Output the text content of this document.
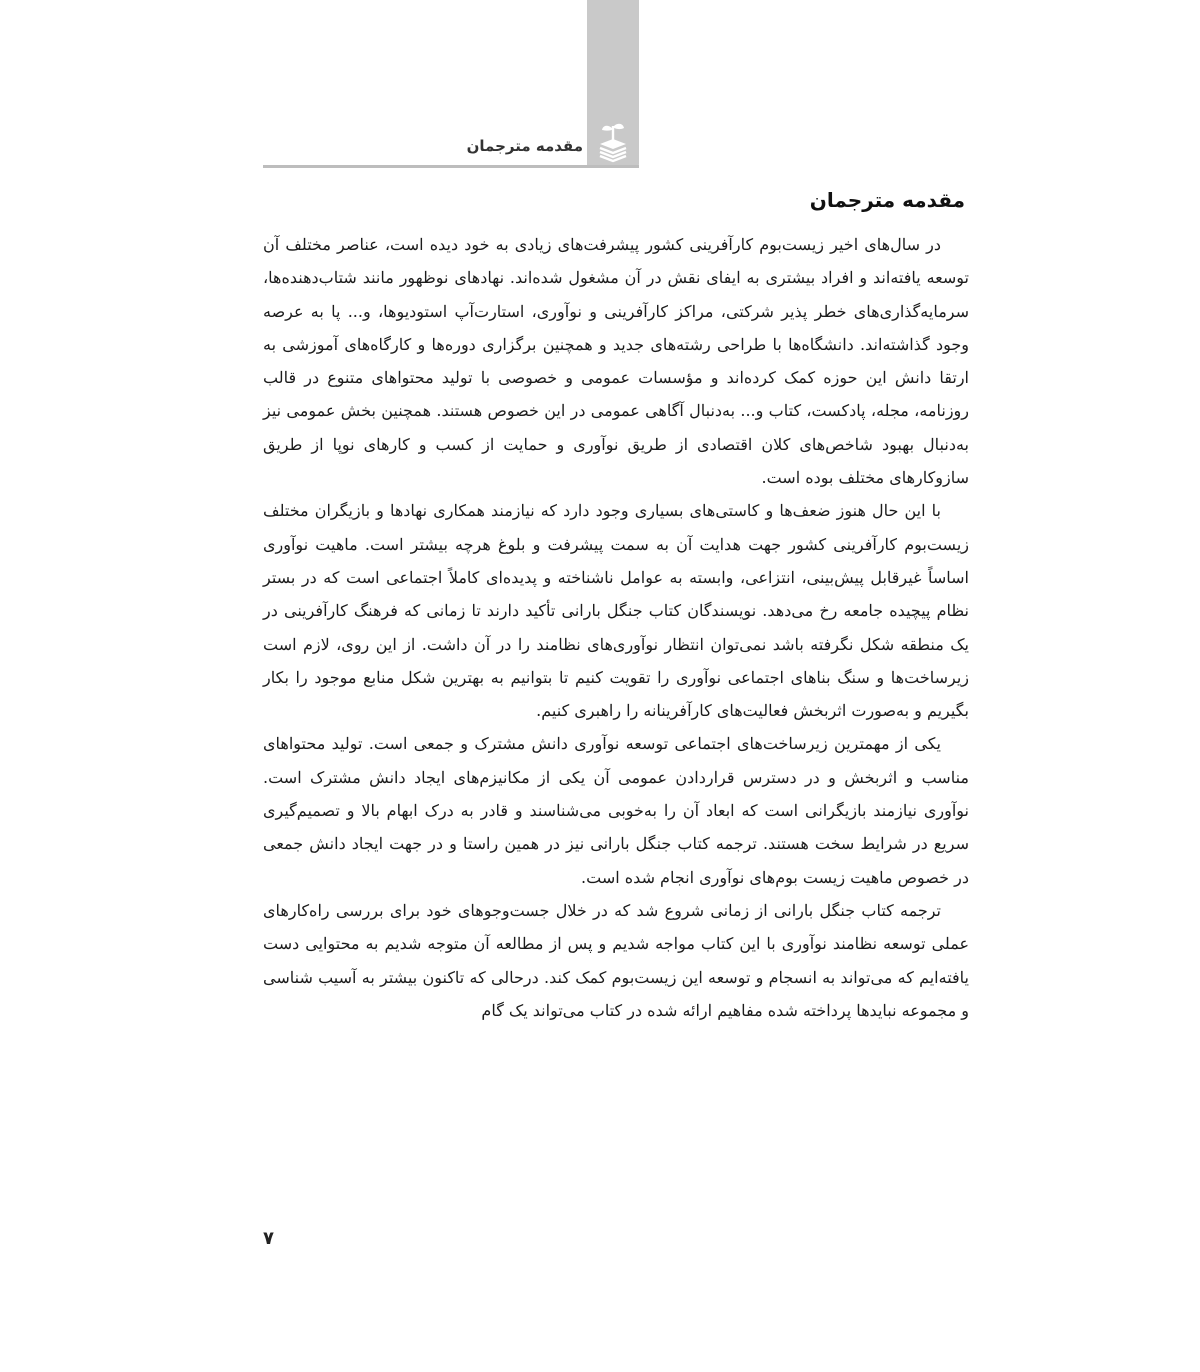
مقدمه مترجمان
مقدمه مترجمان

در سال‌های اخیر زیست‌بوم کارآفرینی کشور پیشرفت‌های زیادی به خود دیده است، عناصر مختلف آن توسعه یافته‌اند و افراد بیشتری به ایفای نقش در آن مشغول شده‌اند. نهادهای نوظهور مانند شتاب‌دهنده‌ها، سرمایه‌گذاری‌های خطر پذیر شرکتی، مراکز کارآفرینی و نوآوری، استارت‌آپ استودیوها، و... پا به عرصه وجود گذاشته‌اند. دانشگاه‌ها با طراحی رشته‌های جدید و همچنین برگزاری دوره‌ها و کارگاه‌های آموزشی به ارتقا دانش این حوزه کمک کرده‌اند و مؤسسات عمومی و خصوصی با تولید محتواهای متنوع در قالب روزنامه، مجله، پادکست، کتاب و... به‌دنبال آگاهی عمومی در این خصوص هستند. همچنین بخش عمومی نیز به‌دنبال بهبود شاخص‌های کلان اقتصادی از طریق نوآوری و حمایت از کسب و کارهای نوپا از طریق سازوکارهای مختلف بوده است.

با این حال هنوز ضعف‌ها و کاستی‌های بسیاری وجود دارد که نیازمند همکاری نهادها و بازیگران مختلف زیست‌بوم کارآفرینی کشور جهت هدایت آن به سمت پیشرفت و بلوغ هرچه بیشتر است. ماهیت نوآوری اساساً غیرقابل پیش‌بینی، انتزاعی، وابسته به عوامل ناشناخته و پدیده‌ای کاملاً اجتماعی است که در بستر نظام پیچیده جامعه رخ می‌دهد. نویسندگان کتاب جنگل بارانی تأکید دارند تا زمانی که فرهنگ کارآفرینی در یک منطقه شکل نگرفته باشد نمی‌توان انتظار نوآوری‌های نظامند را در آن داشت. از این روی، لازم است زیرساخت‌ها و سنگ بناهای اجتماعی نوآوری را تقویت کنیم تا بتوانیم به بهترین شکل منابع موجود را بکار بگیریم و به‌صورت اثربخش فعالیت‌های کارآفرینانه را راهبری کنیم.

یکی از مهمترین زیرساخت‌های اجتماعی توسعه نوآوری دانش مشترک و جمعی است. تولید محتواهای مناسب و اثربخش و در دسترس قراردادن عمومی آن یکی از مکانیزم‌های ایجاد دانش مشترک است. نوآوری نیازمند بازیگرانی است که ابعاد آن را به‌خوبی می‌شناسند و قادر به درک ابهام بالا و تصمیم‌گیری سریع در شرایط سخت هستند. ترجمه کتاب جنگل بارانی نیز در همین راستا و در جهت ایجاد دانش جمعی در خصوص ماهیت زیست بوم‌های نوآوری انجام شده است.

ترجمه کتاب جنگل بارانی از زمانی شروع شد که در خلال جست‌وجوهای خود برای بررسی راه‌کارهای عملی توسعه نظامند نوآوری با این کتاب مواجه شدیم و پس از مطالعه آن متوجه شدیم به محتوایی دست یافته‌ایم که می‌تواند به انسجام و توسعه این زیست‌بوم کمک کند. درحالی که تاکنون بیشتر به آسیب شناسی و مجموعه نبایدها پرداخته شده مفاهیم ارائه شده در کتاب می‌تواند یک گام

۷
